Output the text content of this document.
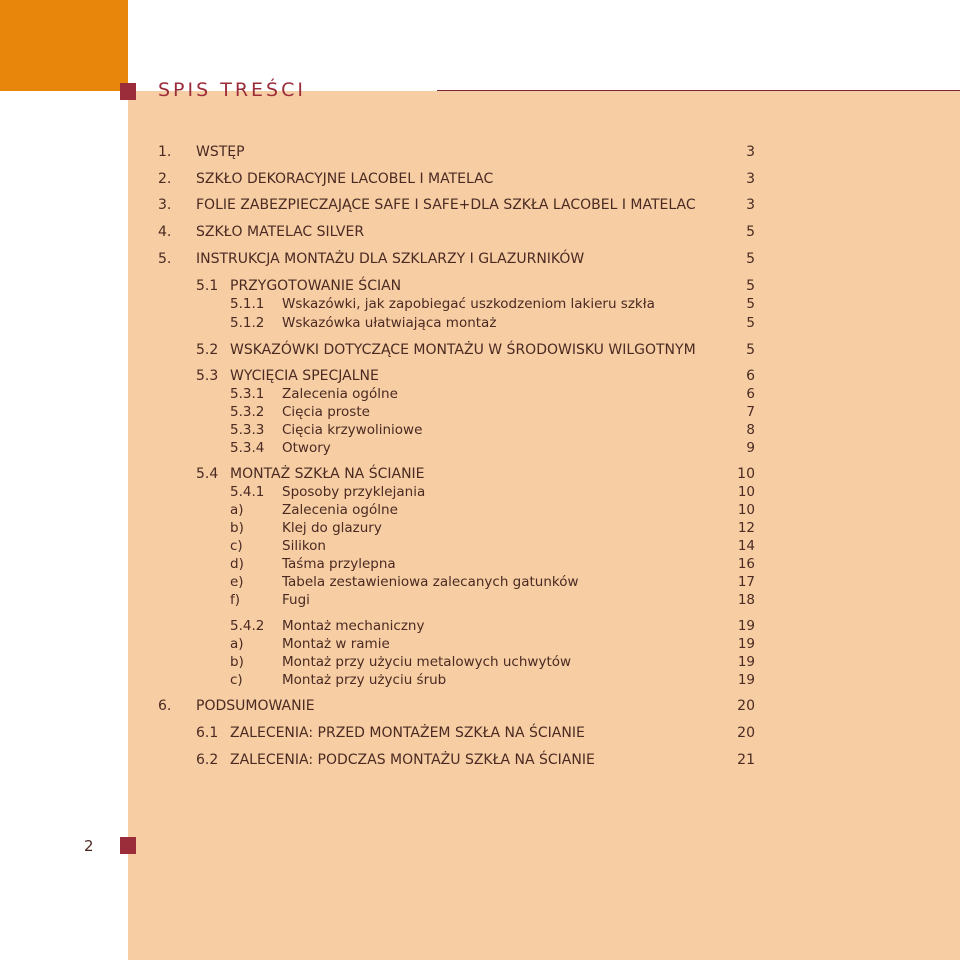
SPIS TREŚCI
2
1. WSTĘP	3
2. SZKŁO DEKORACYJNE LACOBEL I MATELAC	3
3. FOLIE ZABEZPIECZAJĄCE SAFE I SAFE+DLA SZKŁA LACOBEL I MATELAC	3
4. SZKŁO MATELAC SILVER	5
5. INSTRUKCJA MONTAŻU DLA SZKLARZY I GLAZURNIKÓW	5
5.1 PRZYGOTOWANIE ŚCIAN	5
5.1.1 Wskazówki, jak zapobiegać uszkodzeniom lakieru szkła	5
5.1.2 Wskazówka ułatwiająca montaż	5
5.2 WSKAZÓWKI DOTYCZĄCE MONTAŻU W ŚRODOWISKU WILGOTNYM	5
5.3 WYCIĘCIA SPECJALNE	6
5.3.1 Zalecenia ogólne	6
5.3.2 Cięcia proste	7
5.3.3 Cięcia krzywoliniowe	8
5.3.4 Otwory	9
5.4 MONTAŻ SZKŁA NA ŚCIANIE	10
5.4.1 Sposoby przyklejania	10
a)	Zalecenia ogólne	10
b)	Klej do glazury	12
c)	Silikon	14
d)	Taśma przylepna	16
e)	Tabela zestawieniowa zalecanych gatunków	17
f)	Fugi	18
5.4.2 Montaż mechaniczny	19
a)	Montaż w ramie	19
b)	Montaż przy użyciu metalowych uchwytów	19
c)	Montaż przy użyciu śrub	19
6. PODSUMOWANIE	20
6.1 ZALECENIA: PRZED MONTAŻEM SZKŁA NA ŚCIANIE	20
6.2 ZALECENIA: PODCZAS MONTAŻU SZKŁA NA ŚCIANIE	21
